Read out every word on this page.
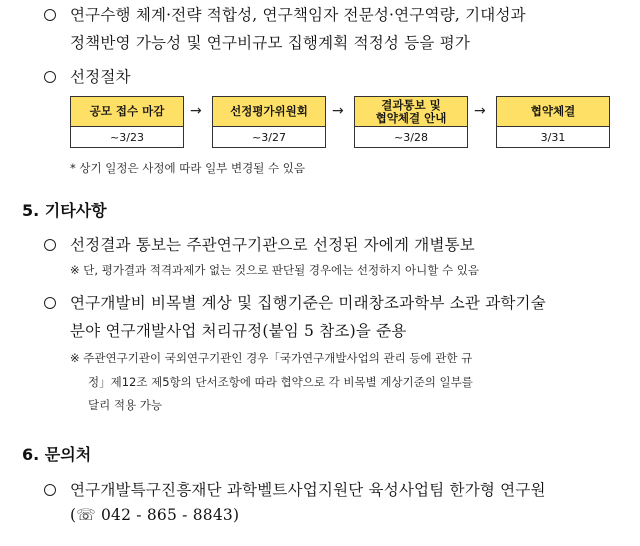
연구수행 체계·전략 적합성, 연구책임자 전문성·연구역량, 기대성과
정책반영 가능성 및 연구비규모 집행계획 적정성 등을 평가
선정절차
공모 접수 마감
~3/23
→	선정평가위원회
~3/27
→	결과통보 및
협약체결 안내
~3/28
→	협약체결
3/31
* 상기 일정은 사정에 따라 일부 변경될 수 있음
5. 기타사항
선정결과 통보는 주관연구기관으로 선정된 자에게 개별통보
※ 단, 평가결과 적격과제가 없는 것으로 판단될 경우에는 선정하지 아니할 수 있음
연구개발비 비목별 계상 및 집행기준은 미래창조과학부 소관 과학기술
분야 연구개발사업 처리규정(붙임 5 참조)을 준용
※ 주관연구기관이 국외연구기관인 경우「국가연구개발사업의 관리 등에 관한 규
정」제12조 제5항의 단서조항에 따라 협약으로 각 비목별 계상기준의 일부를
달리 적용 가능
6. 문의처
연구개발특구진흥재단 과학벨트사업지원단 육성사업팀 한가형 연구원
(☏ 042 - 865 - 8843)
